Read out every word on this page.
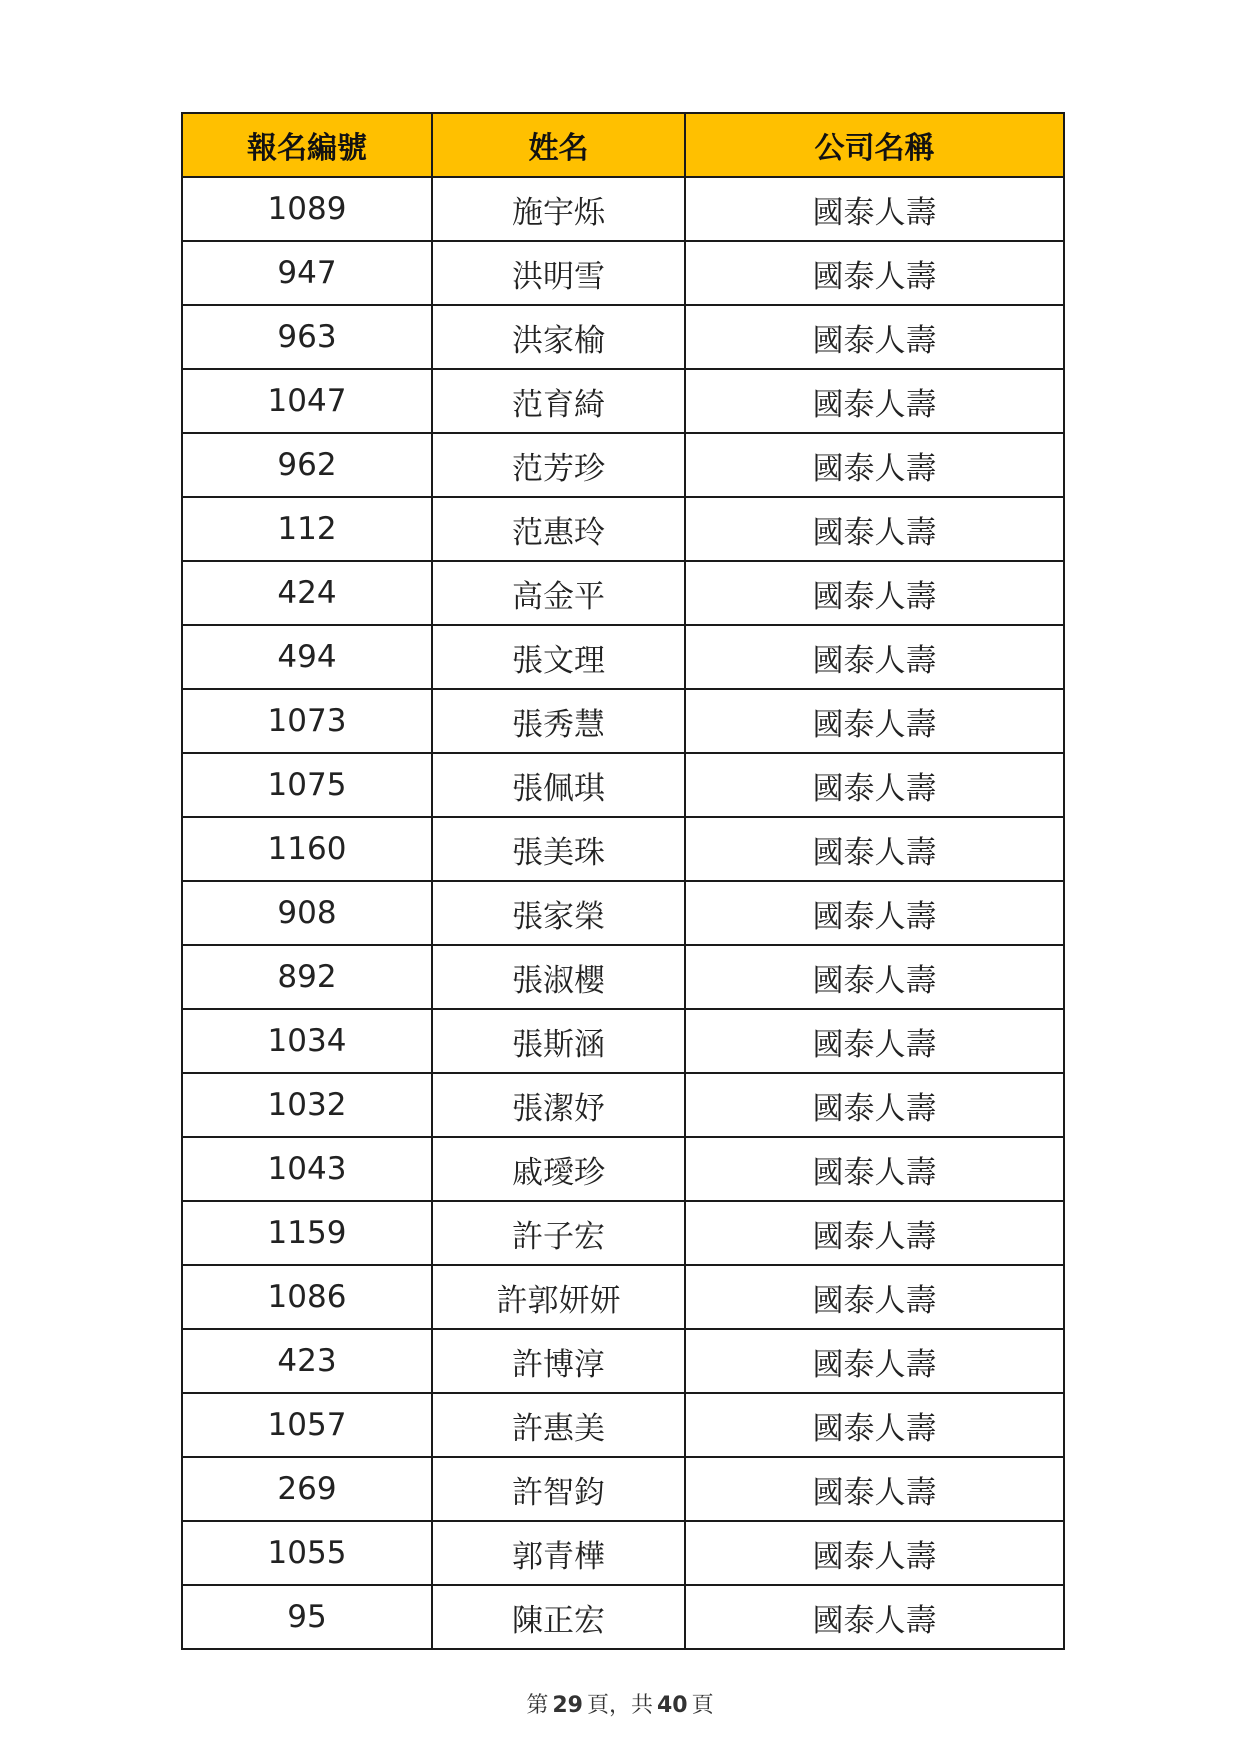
報名編號	姓名	公司名稱
1089	施宇烁	國泰人壽
947	洪明雪	國泰人壽
963	洪家榆	國泰人壽
1047	范育綺	國泰人壽
962	范芳珍	國泰人壽
112	范惠玲	國泰人壽
424	高金平	國泰人壽
494	張文理	國泰人壽
1073	張秀慧	國泰人壽
1075	張佩琪	國泰人壽
1160	張美珠	國泰人壽
908	張家榮	國泰人壽
892	張淑櫻	國泰人壽
1034	張斯涵	國泰人壽
1032	張潔妤	國泰人壽
1043	戚璦珍	國泰人壽
1159	許子宏	國泰人壽
1086	許郭妍妍	國泰人壽
423	許博淳	國泰人壽
1057	許惠美	國泰人壽
269	許智鈞	國泰人壽
1055	郭青樺	國泰人壽
95	陳正宏	國泰人壽
第 29 頁，共 40 頁
